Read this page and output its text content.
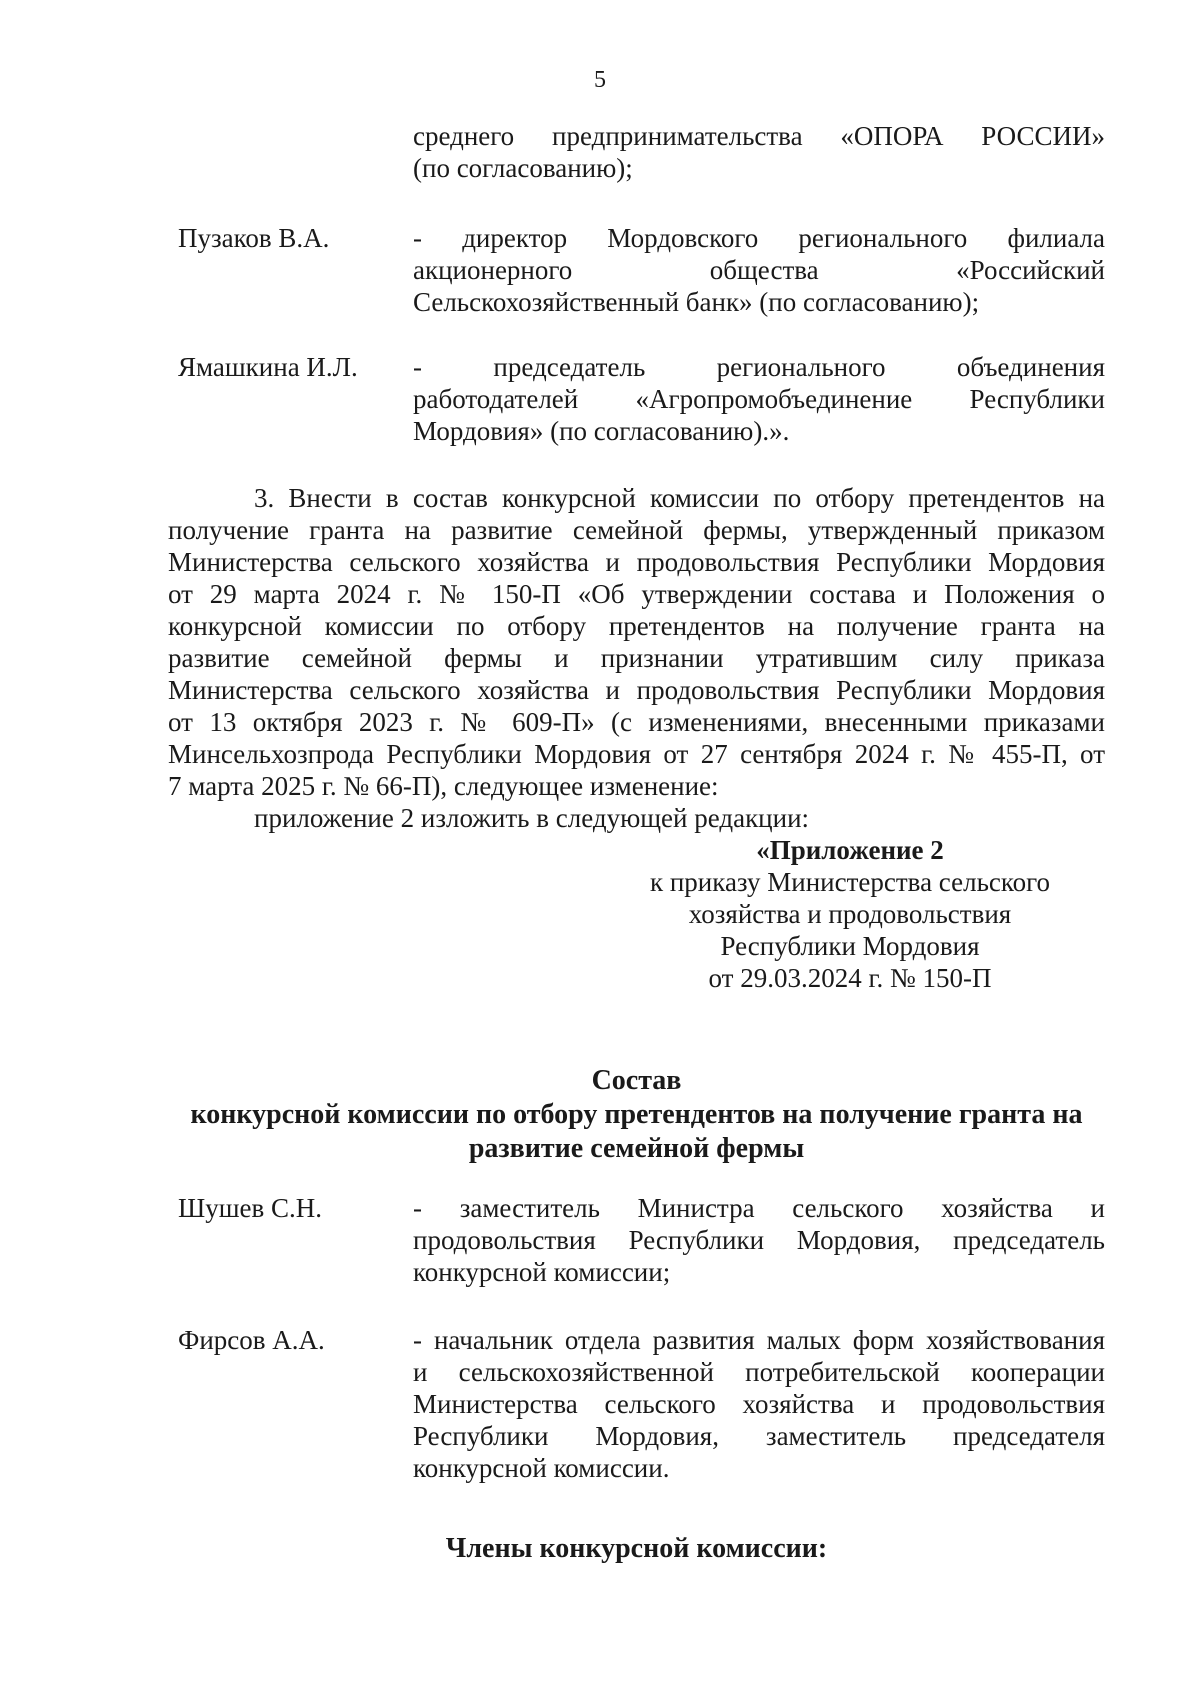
5
среднего предпринимательства «ОПОРА РОССИИ»
(по согласованию);
Пузаков В.А.	- директор Мордовского регионального филиала
акционерного общества «Российский
Сельскохозяйственный банк» (по согласованию);
Ямашкина И.Л. - председатель регионального объединения
работодателей «Агропромобъединение Республики
Мордовия» (по согласованию).».
3. Внести в состав конкурсной комиссии по отбору претендентов на
получение гранта на развитие семейной фермы, утвержденный приказом
Министерства сельского хозяйства и продовольствия Республики Мордовия
от 29 марта 2024 г. № 150-П «Об утверждении состава и Положения о
конкурсной комиссии по отбору претендентов на получение гранта на
развитие семейной фермы и признании утратившим силу приказа
Министерства сельского хозяйства и продовольствия Республики Мордовия
от 13 октября 2023 г. № 609-П» (с изменениями, внесенными приказами
Минсельхозпрода Республики Мордовия от 27 сентября 2024 г. № 455-П, от
7 марта 2025 г. № 66-П), следующее изменение:
приложение 2 изложить в следующей редакции:
«Приложение 2
к приказу Министерства сельского
хозяйства и продовольствия
Республики Мордовия
от 29.03.2024 г. № 150-П
Состав
конкурсной комиссии по отбору претендентов на получение гранта на
развитие семейной фермы
Шушев С.Н.	- заместитель Министра сельского хозяйства и
продовольствия Республики Мордовия, председатель
конкурсной комиссии;
Фирсов А.А.	- начальник отдела развития малых форм хозяйствования
и сельскохозяйственной потребительской кооперации
Министерства сельского хозяйства и продовольствия
Республики Мордовия, заместитель председателя
конкурсной комиссии.
Члены конкурсной комиссии:
